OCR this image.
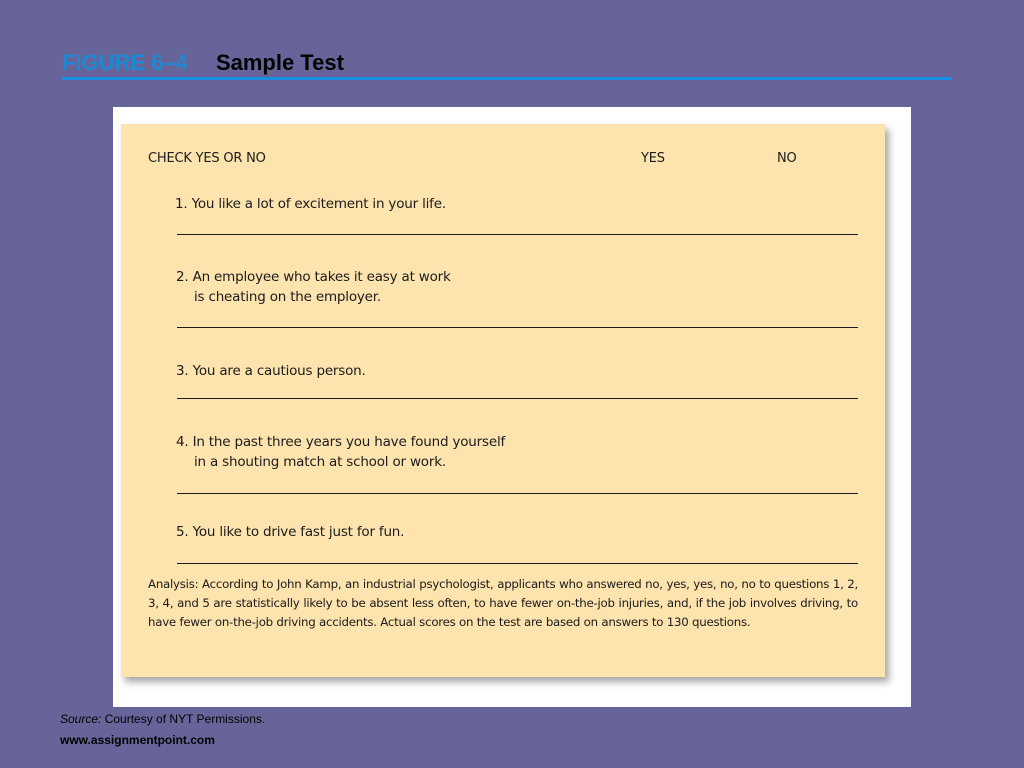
FIGURE 6–4 Sample Test
CHECK YES OR NO	YES	NO
1. You like a lot of excitement in your life.
2. An employee who takes it easy at work
is cheating on the employer.
3. You are a cautious person.
4. In the past three years you have found yourself
in a shouting match at school or work.
5. You like to drive fast just for fun.
Analysis: According to John Kamp, an industrial psychologist, applicants who answered no, yes, yes, no, no to questions 1, 2, 3, 4, and 5 are statistically likely to be absent less often, to have fewer on-the-job injuries, and, if the job involves driving, to have fewer on-the-job driving accidents. Actual scores on the test are based on answers to 130 questions.
Source: Courtesy of NYT Permissions.
www.assignmentpoint.com
